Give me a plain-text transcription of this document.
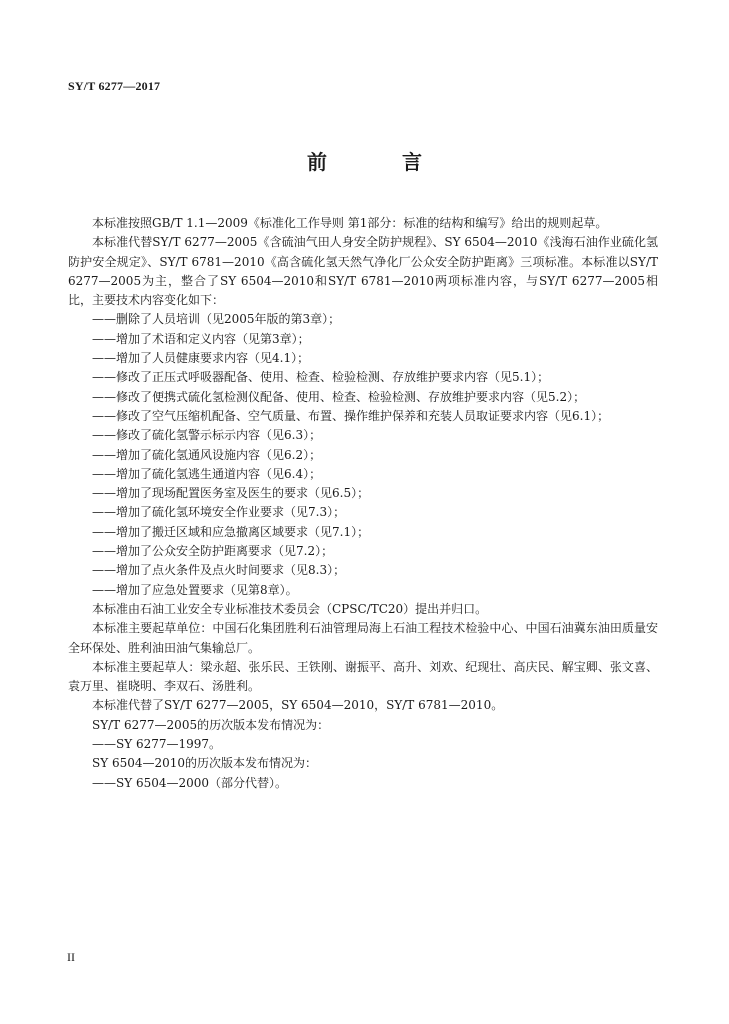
SY/T 6277—2017
前 言

本标准按照GB/T 1.1—2009《标准化工作导则 第1部分：标准的结构和编写》给出的规则起草。

本标准代替SY/T 6277—2005《含硫油气田人身安全防护规程》、SY 6504—2010《浅海石油作业硫化氢防护安全规定》、SY/T 6781—2010《高含硫化氢天然气净化厂公众安全防护距离》三项标准。本标准以SY/T 6277—2005为主，整合了SY 6504—2010和SY/T 6781—2010两项标准内容，与SY/T 6277—2005相比，主要技术内容变化如下：

——删除了人员培训（见2005年版的第3章）；

——增加了术语和定义内容（见第3章）；

——增加了人员健康要求内容（见4.1）；

——修改了正压式呼吸器配备、使用、检查、检验检测、存放维护要求内容（见5.1）；

——修改了便携式硫化氢检测仪配备、使用、检查、检验检测、存放维护要求内容（见5.2）；

——修改了空气压缩机配备、空气质量、布置、操作维护保养和充装人员取证要求内容（见6.1）；

——修改了硫化氢警示标示内容（见6.3）；

——增加了硫化氢通风设施内容（见6.2）；

——增加了硫化氢逃生通道内容（见6.4）；

——增加了现场配置医务室及医生的要求（见6.5）；

——增加了硫化氢环境安全作业要求（见7.3）；

——增加了搬迁区域和应急撤离区域要求（见7.1）；

——增加了公众安全防护距离要求（见7.2）；

——增加了点火条件及点火时间要求（见8.3）；

——增加了应急处置要求（见第8章）。

本标准由石油工业安全专业标准技术委员会（CPSC/TC20）提出并归口。

本标准主要起草单位：中国石化集团胜利石油管理局海上石油工程技术检验中心、中国石油冀东油田质量安全环保处、胜利油田油气集输总厂。

本标准主要起草人：梁永超、张乐民、王铁刚、谢振平、高升、刘欢、纪现壮、高庆民、解宝卿、张文喜、袁万里、崔晓明、李双石、汤胜利。

本标准代替了SY/T 6277—2005，SY 6504—2010，SY/T 6781—2010。

SY/T 6277—2005的历次版本发布情况为：

——SY 6277—1997。

SY 6504—2010的历次版本发布情况为：

——SY 6504—2000（部分代替）。

II
